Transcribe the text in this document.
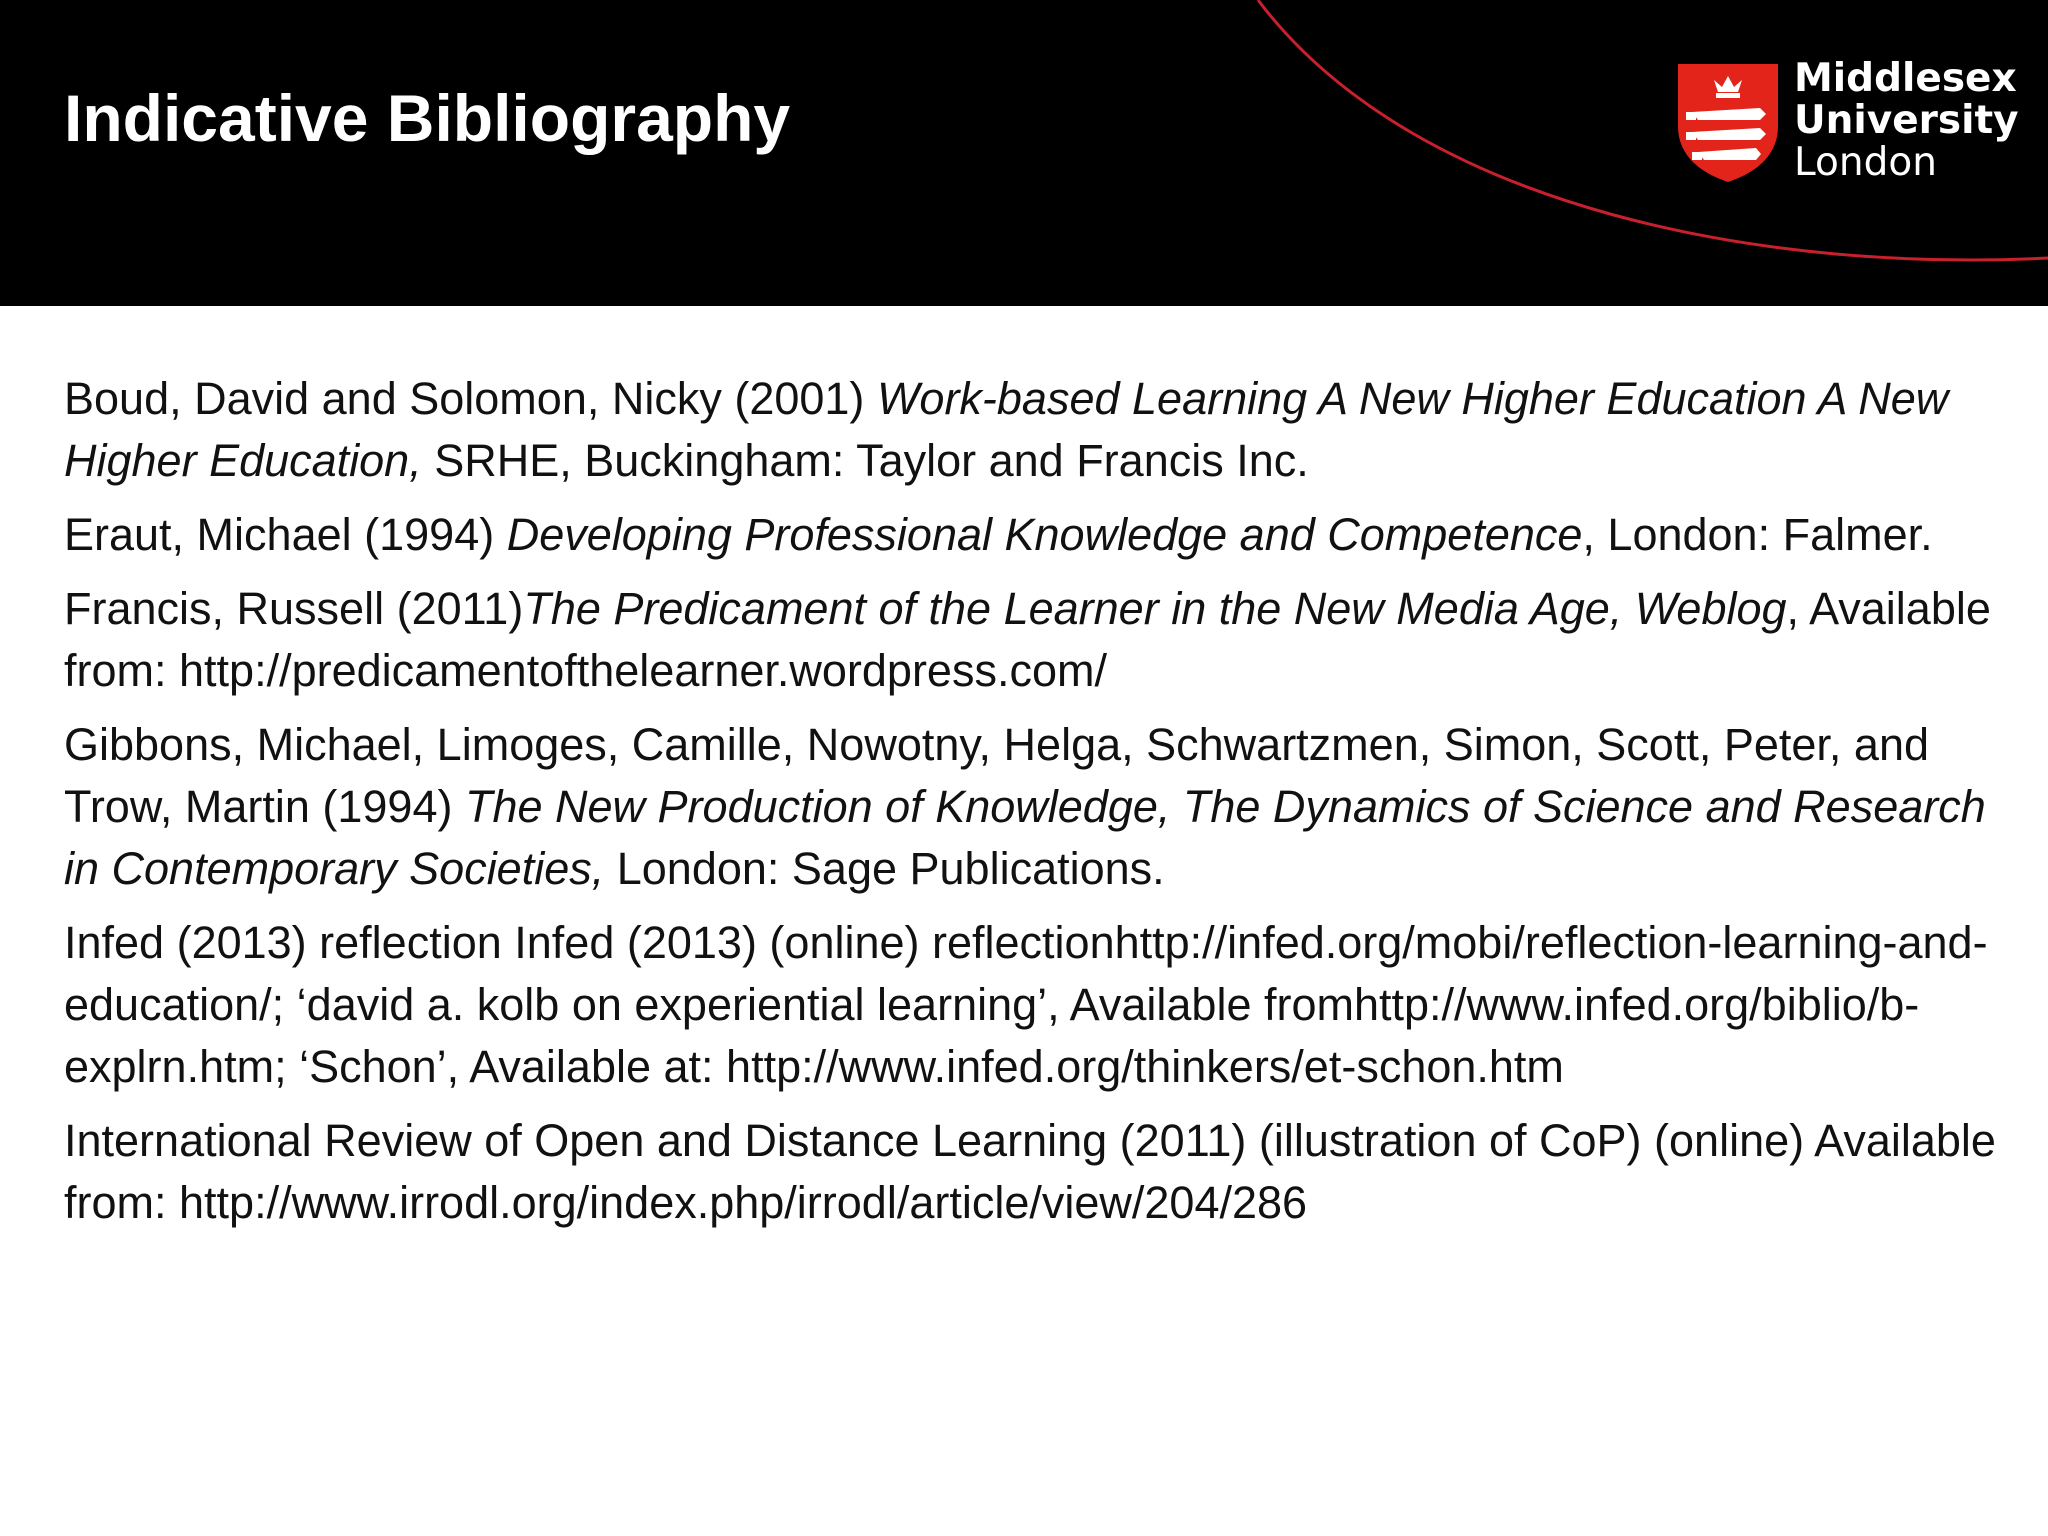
Indicative Bibliography
Middlesex
University
London
Boud, David and Solomon, Nicky (2001) Work-based Learning A New Higher Education A New Higher Education, SRHE, Buckingham: Taylor and Francis Inc.
Eraut, Michael (1994) Developing Professional Knowledge and Competence, London: Falmer.
Francis, Russell (2011)The Predicament of the Learner in the New Media Age, Weblog, Available from: http://predicamentofthelearner.wordpress.com/
Gibbons, Michael, Limoges, Camille, Nowotny, Helga, Schwartzmen, Simon, Scott, Peter, and Trow, Martin (1994) The New Production of Knowledge, The Dynamics of Science and Research in Contemporary Societies, London: Sage Publications.
Infed (2013) reflection Infed (2013) (online) reflectionhttp://infed.org/mobi/reflection-learning-and-education/; ‘david a. kolb on experiential learning’, Available fromhttp://www.infed.org/biblio/b-explrn.htm; ‘Schon’, Available at: http://www.infed.org/thinkers/et-schon.htm
International Review of Open and Distance Learning (2011) (illustration of CoP) (online) Available from: http://www.irrodl.org/index.php/irrodl/article/view/204/286
